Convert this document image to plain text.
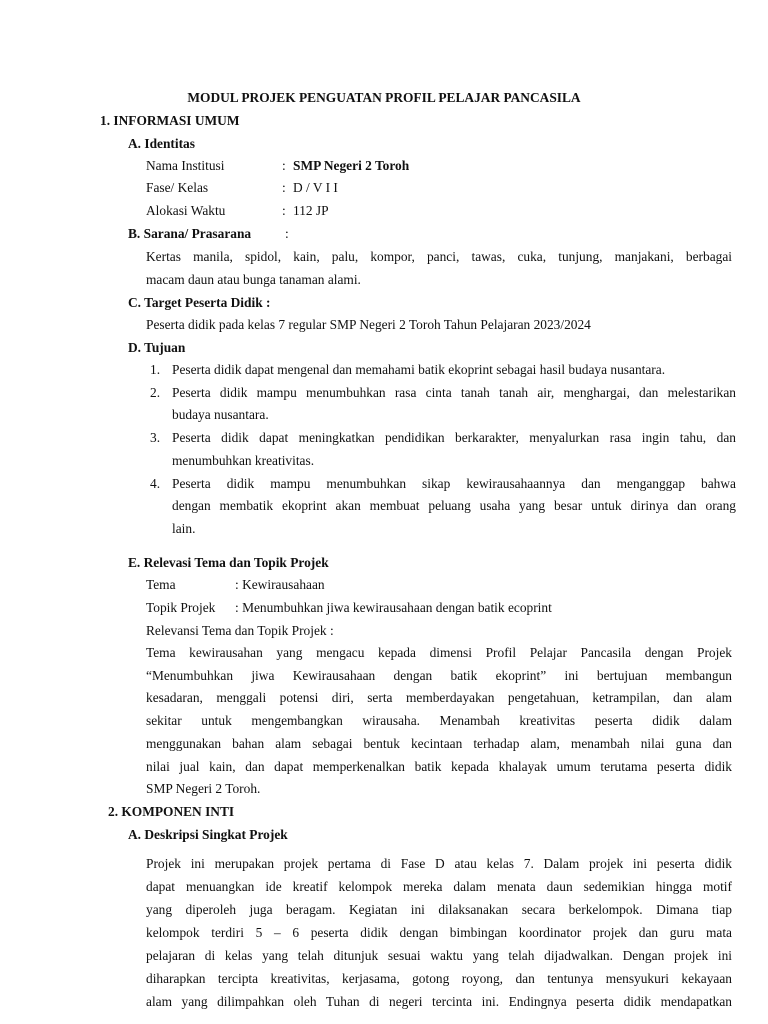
MODUL PROJEK PENGUATAN PROFIL PELAJAR PANCASILA
1. INFORMASI UMUM
A. Identitas
Nama Institusi	: SMP Negeri 2 Toroh
Fase/ Kelas	: D / V I I
Alokasi Waktu	: 112 JP
B. Sarana/ Prasarana	:
Kertas manila, spidol, kain, palu, kompor, panci, tawas, cuka, tunjung, manjakani, berbagai
macam daun atau bunga tanaman alami.
C. Target Peserta Didik :
Peserta didik pada kelas 7 regular SMP Negeri 2 Toroh Tahun Pelajaran 2023/2024
D. Tujuan
1. Peserta didik dapat mengenal dan memahami batik ekoprint sebagai hasil budaya nusantara.
2. Peserta didik mampu menumbuhkan rasa cinta tanah tanah air, menghargai, dan melestarikan
budaya nusantara.
3. Peserta didik dapat meningkatkan pendidikan berkarakter, menyalurkan rasa ingin tahu, dan
menumbuhkan kreativitas.
4. Peserta didik mampu menumbuhkan sikap kewirausahaannya dan menganggap bahwa
dengan membatik ekoprint akan membuat peluang usaha yang besar untuk dirinya dan orang
lain.
E. Relevasi Tema dan Topik Projek
Tema	: Kewirausahaan
Topik Projek : Menumbuhkan jiwa kewirausahaan dengan batik ecoprint
Relevansi Tema dan Topik Projek :
Tema kewirausahan yang mengacu kepada dimensi Profil Pelajar Pancasila dengan Projek
“Menumbuhkan jiwa Kewirausahaan dengan batik ekoprint” ini bertujuan membangun
kesadaran, menggali potensi diri, serta memberdayakan pengetahuan, ketrampilan, dan alam
sekitar untuk mengembangkan wirausaha. Menambah kreativitas peserta didik dalam
menggunakan bahan alam sebagai bentuk kecintaan terhadap alam, menambah nilai guna dan
nilai jual kain, dan dapat memperkenalkan batik kepada khalayak umum terutama peserta didik
SMP Negeri 2 Toroh.
2. KOMPONEN INTI
A. Deskripsi Singkat Projek
Projek ini merupakan projek pertama di Fase D atau kelas 7. Dalam projek ini peserta didik
dapat menuangkan ide kreatif kelompok mereka dalam menata daun sedemikian hingga motif
yang diperoleh juga beragam. Kegiatan ini dilaksanakan secara berkelompok. Dimana tiap
kelompok terdiri 5 – 6 peserta didik dengan bimbingan koordinator projek dan guru mata
pelajaran di kelas yang telah ditunjuk sesuai waktu yang telah dijadwalkan. Dengan projek ini
diharapkan tercipta kreativitas, kerjasama, gotong royong, dan tentunya mensyukuri kekayaan
alam yang dilimpahkan oleh Tuhan di negeri tercinta ini. Endingnya peserta didik mendapatkan
